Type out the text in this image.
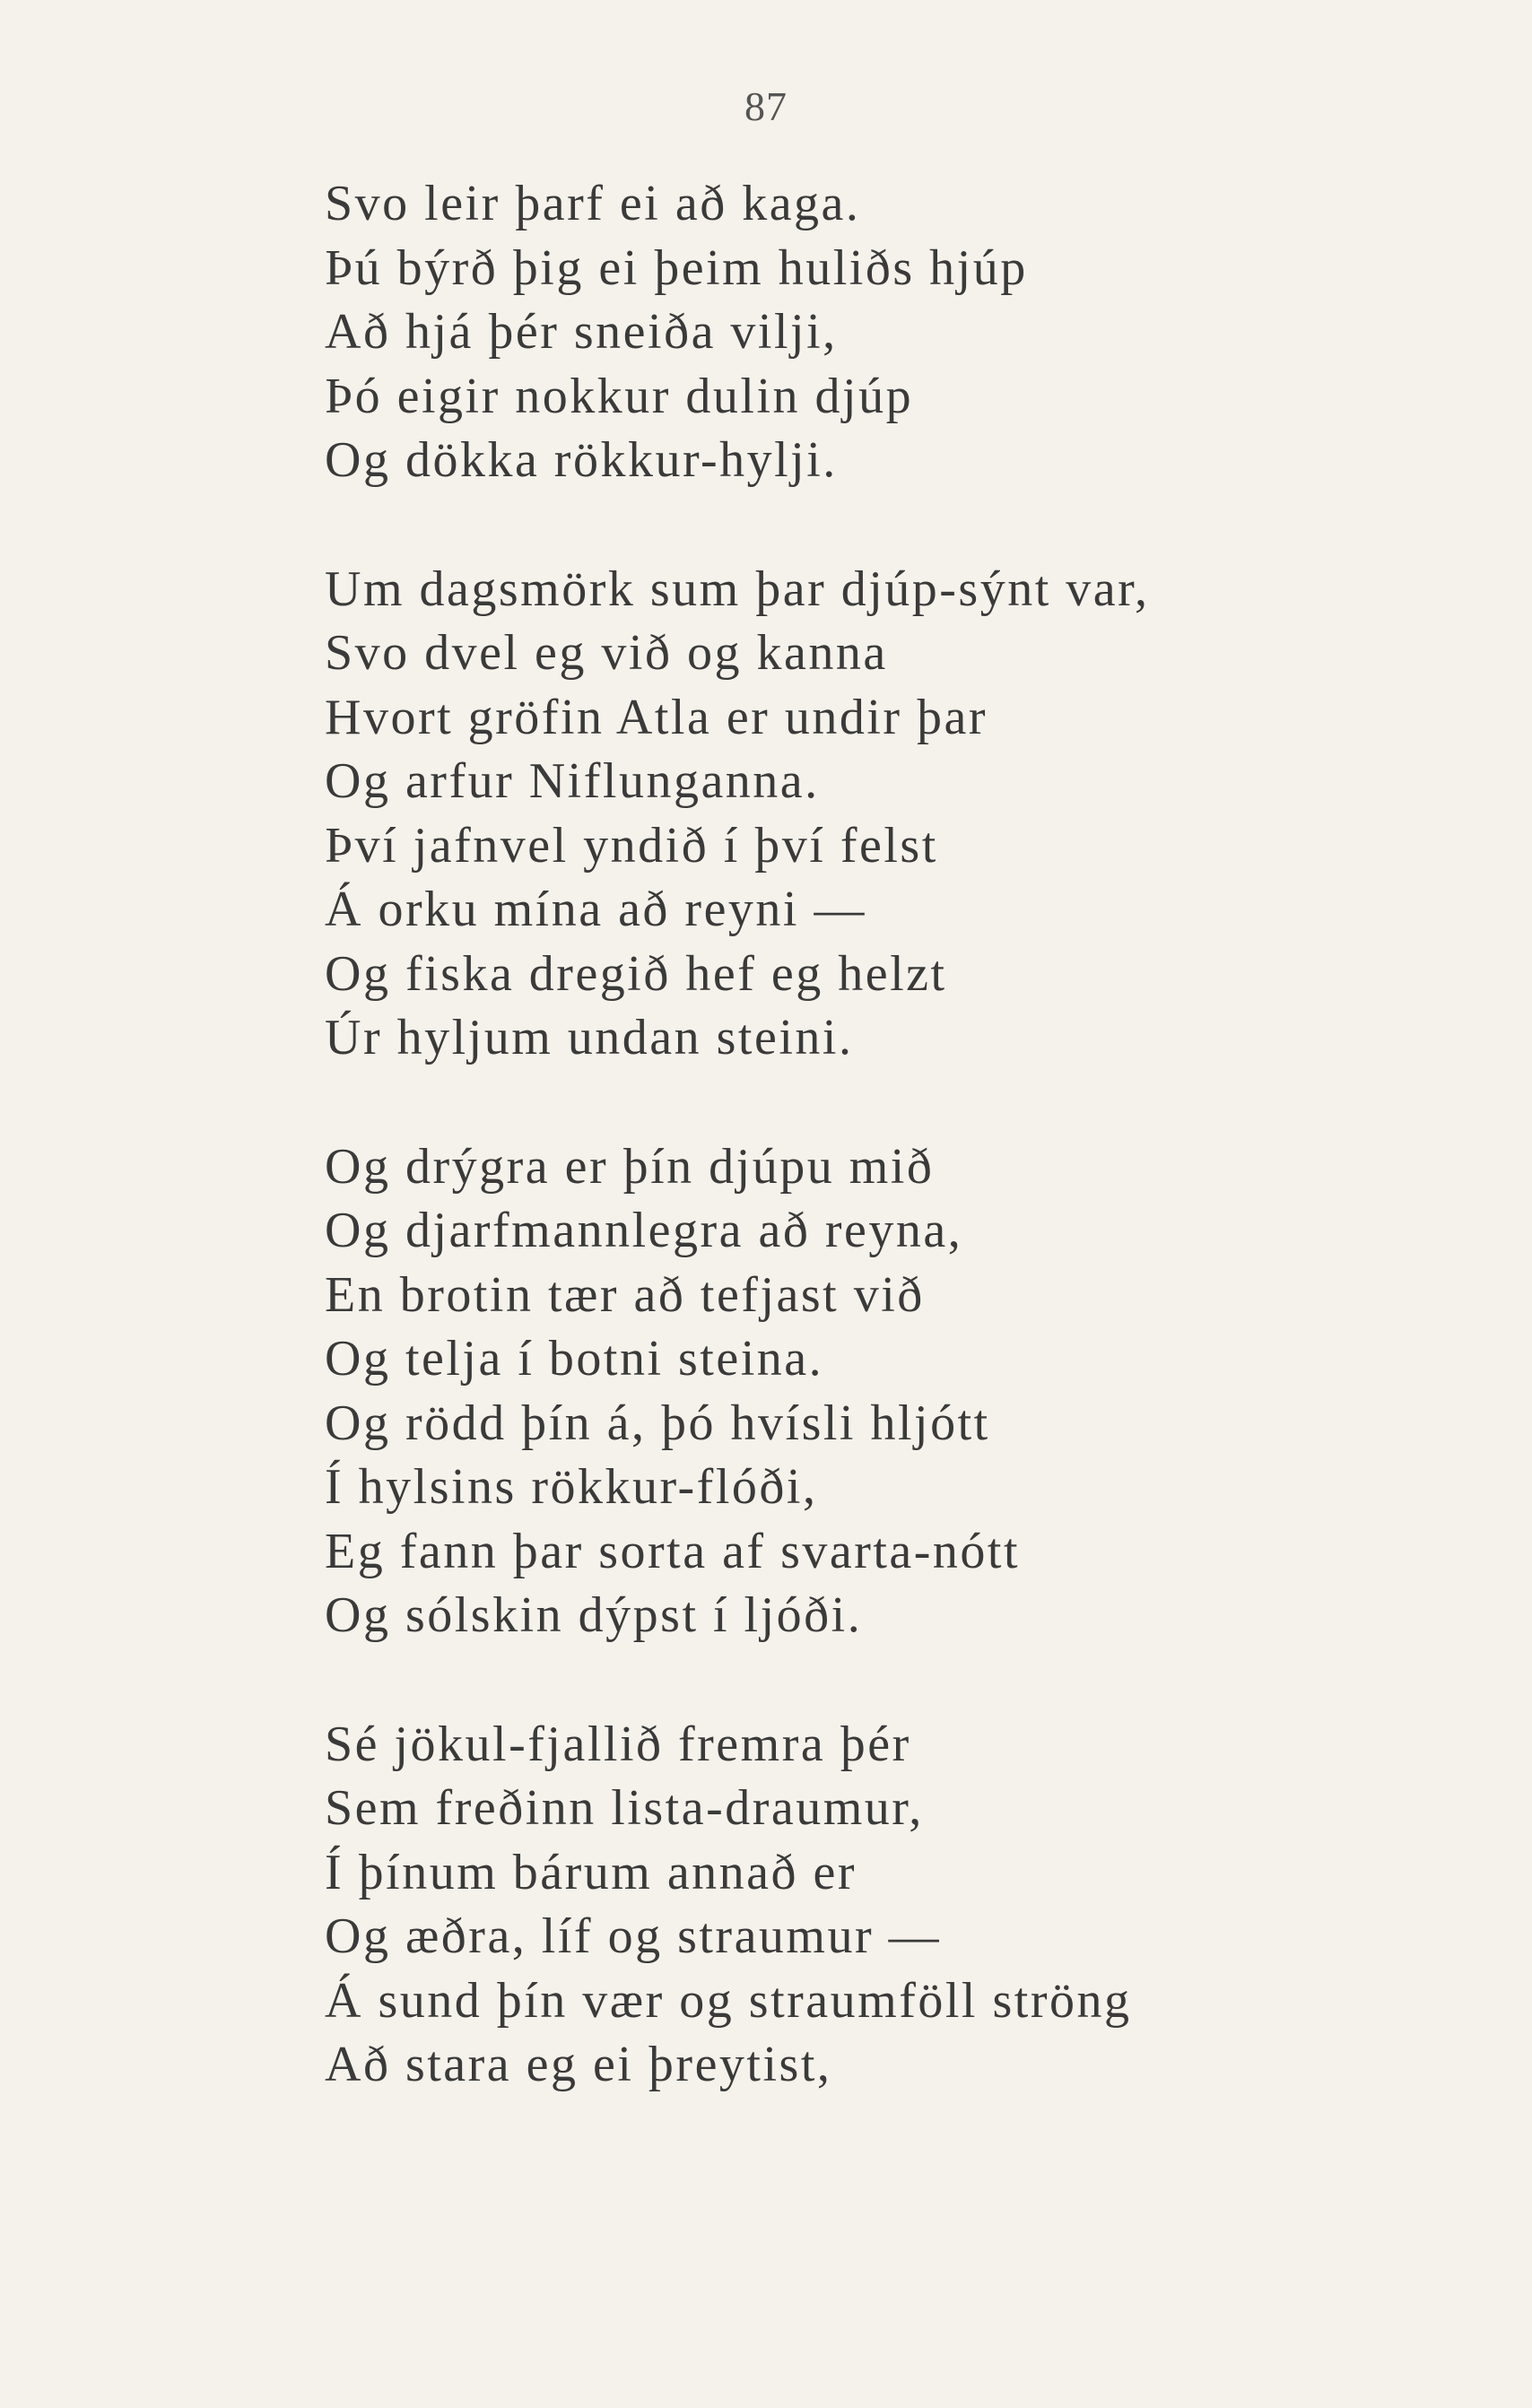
87
Svo leir þarf ei að kaga.
Þú býrð þig ei þeim huliðs hjúp
Að hjá þér sneiða vilji,
Þó eigir nokkur dulin djúp
Og dökka rökkur-hylji.
Um dagsmörk sum þar djúp-sýnt var,
Svo dvel eg við og kanna
Hvort gröfin Atla er undir þar
Og arfur Niflunganna.
Því jafnvel yndið í því felst
Á orku mína að reyni —
Og fiska dregið hef eg helzt
Úr hyljum undan steini.
Og drýgra er þín djúpu mið
Og djarfmannlegra að reyna,
En brotin tær að tefjast við
Og telja í botni steina.
Og rödd þín á, þó hvísli hljótt
Í hylsins rökkur-flóði,
Eg fann þar sorta af svarta-nótt
Og sólskin dýpst í ljóði.
Sé jökul-fjallið fremra þér
Sem freðinn lista-draumur,
Í þínum bárum annað er
Og æðra, líf og straumur —
Á sund þín vær og straumföll ströng
Að stara eg ei þreytist,
